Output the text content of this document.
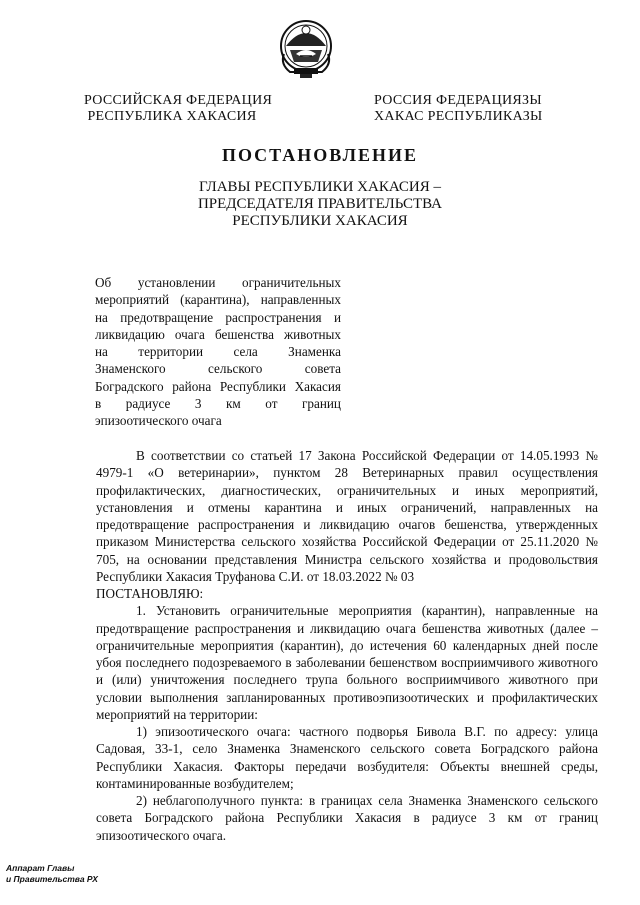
РОССИЙСКАЯ ФЕДЕРАЦИЯ
РЕСПУБЛИКА ХАКАСИЯ
РОССИЯ ФЕДЕРАЦИЯЗЫ
ХАКАС РЕСПУБЛИКАЗЫ
ПОСТАНОВЛЕНИЕ
ГЛАВЫ РЕСПУБЛИКИ ХАКАСИЯ –
ПРЕДСЕДАТЕЛЯ ПРАВИТЕЛЬСТВА
РЕСПУБЛИКИ ХАКАСИЯ
Об установлении ограничительных
мероприятий (карантина), направленных
на предотвращение распространения и
ликвидацию очага бешенства животных
на территории села Знаменка
Знаменского сельского совета
Боградского района Республики Хакасия
в радиусе 3 км от границ
эпизоотического очага

В соответствии со статьей 17 Закона Российской Федерации от 14.05.1993 № 4979-1 «О ветеринарии», пунктом 28 Ветеринарных правил осуществления профилактических, диагностических, ограничительных и иных мероприятий, установления и отмены карантина и иных ограничений, направленных на предотвращение распространения и ликвидацию очагов бешенства, утвержденных приказом Министерства сельского хозяйства Российской Федерации от 25.11.2020 № 705, на основании представления Министра сельского хозяйства и продовольствия Республики Хакасия Труфанова С.И. от 18.03.2022 № 03

ПОСТАНОВЛЯЮ:

1. Установить ограничительные мероприятия (карантин), направленные на предотвращение распространения и ликвидацию очага бешенства животных (далее – ограничительные мероприятия (карантин), до истечения 60 календарных дней после убоя последнего подозреваемого в заболевании бешенством восприимчивого животного и (или) уничтожения последнего трупа больного восприимчивого животного при условии выполнения запланированных противоэпизоотических и профилактических мероприятий на территории:

1) эпизоотического очага: частного подворья Бивола В.Г. по адресу: улица Садовая, 33-1, село Знаменка Знаменского сельского совета Боградского района Республики Хакасия. Факторы передачи возбудителя: Объекты внешней среды, контаминированные возбудителем;

2) неблагополучного пункта: в границах села Знаменка Знаменского сельского совета Боградского района Республики Хакасия в радиусе 3 км от границ эпизоотического очага.

Аппарат Главы
и Правительства РХ
